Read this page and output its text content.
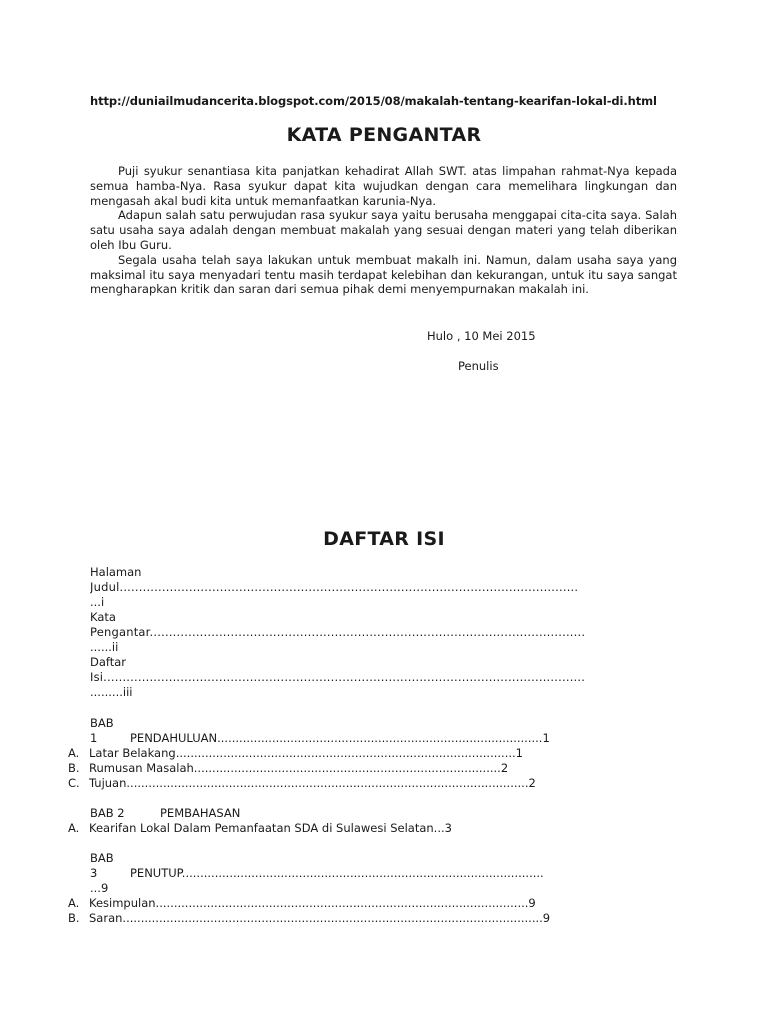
http://duniailmudancerita.blogspot.com/2015/08/makalah-tentang-kearifan-lokal-di.html
KATA PENGANTAR

Puji syukur senantiasa kita panjatkan kehadirat Allah SWT. atas limpahan rahmat-Nya kepada semua hamba-Nya. Rasa syukur dapat kita wujudkan dengan cara memelihara lingkungan dan mengasah akal budi kita untuk memanfaatkan karunia-Nya.

Adapun salah satu perwujudan rasa syukur saya yaitu berusaha menggapai cita-cita saya. Salah satu usaha saya adalah dengan membuat makalah yang sesuai dengan materi yang telah diberikan oleh Ibu Guru.

Segala usaha telah saya lakukan untuk membuat makalh ini. Namun, dalam usaha saya yang maksimal itu saya menyadari tentu masih terdapat kelebihan dan kekurangan, untuk itu saya sangat mengharapkan kritik dan saran dari semua pihak demi menyempurnakan makalah ini.

Hulo , 10 Mei 2015
Penulis
DAFTAR ISI
Halaman
Judul.......................................................................................................................
...i
Kata
Pengantar.................................................................................................................
......ii
Daftar
Isi.............................................................................................................................
.........iii
BAB
1	PENDAHULUAN.........................................................................................1
A. Latar Belakang.............................................................................................1
B. Rumusan Masalah....................................................................................2
C. Tujuan..............................................................................................................2
BAB 2	PEMBAHASAN
A. Kearifan Lokal Dalam Pemanfaatan SDA di Sulawesi Selatan...3
BAB
3	PENUTUP...................................................................................................
...9
A. Kesimpulan......................................................................................................9
B. Saran...................................................................................................................9
